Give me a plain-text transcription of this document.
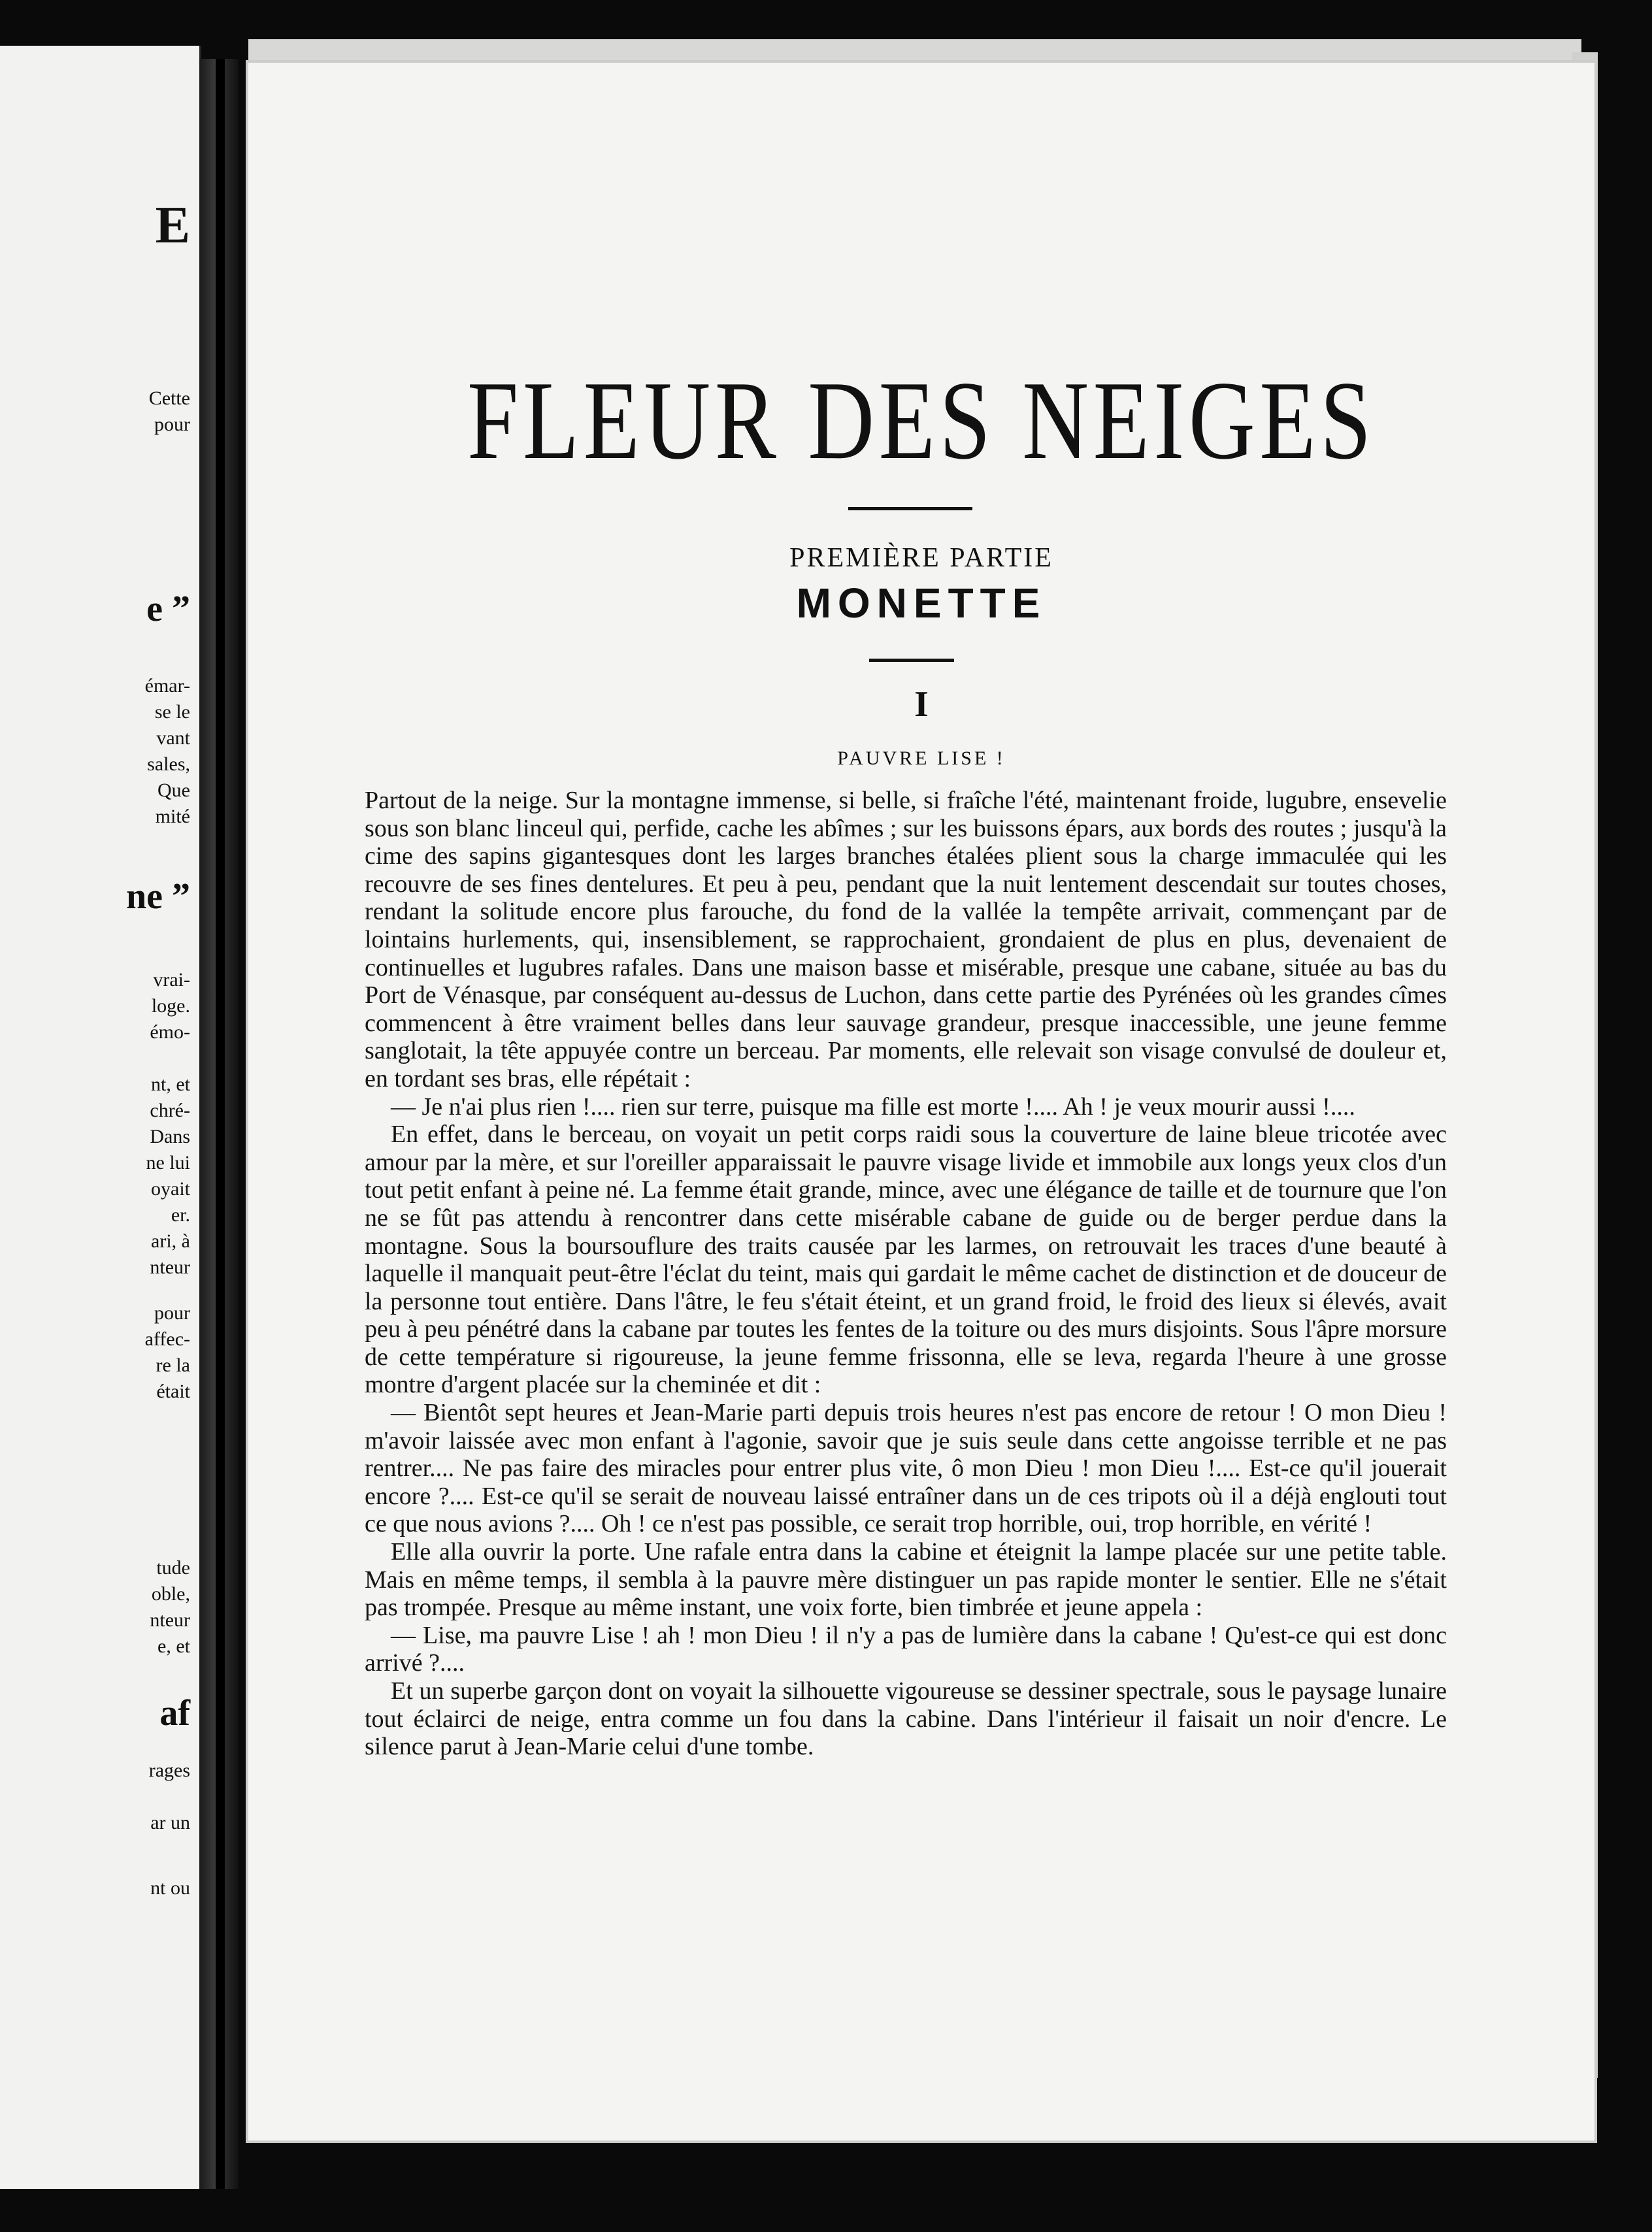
E
Cette
pour
e ”
émar-
se le
vant
sales,
Que
mité
ne ”
vrai-
loge.
émo-
nt, et
chré-
Dans
ne lui
oyait
er.
ari, à
nteur
pour
affec-
re la
était
tude
oble,
nteur
e, et
af
rages
ar un
nt ou
FLEUR DES NEIGES
PREMIÈRE PARTIE
MONETTE
I
PAUVRE LISE !

Partout de la neige. Sur la montagne immense, si belle, si fraîche l'été, maintenant froide, lugubre, ensevelie sous son blanc linceul qui, perfide, cache les abîmes ; sur les buissons épars, aux bords des routes ; jusqu'à la cime des sapins gigantesques dont les larges branches étalées plient sous la charge immaculée qui les recouvre de ses fines dentelures. Et peu à peu, pendant que la nuit lentement descendait sur toutes choses, rendant la solitude encore plus farouche, du fond de la vallée la tempête arrivait, commençant par de lointains hurlements, qui, insensiblement, se rapprochaient, grondaient de plus en plus, devenaient de continuelles et lugubres rafales. Dans une maison basse et misérable, presque une cabane, située au bas du Port de Vénasque, par conséquent au-dessus de Luchon, dans cette partie des Pyrénées où les grandes cîmes commencent à être vraiment belles dans leur sauvage grandeur, presque inaccessible, une jeune femme sanglotait, la tête appuyée contre un berceau. Par moments, elle relevait son visage convulsé de douleur et, en tordant ses bras, elle répétait :

— Je n'ai plus rien !.... rien sur terre, puisque ma fille est morte !.... Ah ! je veux mourir aussi !....

En effet, dans le berceau, on voyait un petit corps raidi sous la couverture de laine bleue tricotée avec amour par la mère, et sur l'oreiller apparaissait le pauvre visage livide et immobile aux longs yeux clos d'un tout petit enfant à peine né. La femme était grande, mince, avec une élégance de taille et de tournure que l'on ne se fût pas attendu à rencontrer dans cette misérable cabane de guide ou de berger perdue dans la montagne. Sous la boursouflure des traits causée par les larmes, on retrouvait les traces d'une beauté à laquelle il manquait peut-être l'éclat du teint, mais qui gardait le même cachet de distinction et de douceur de la personne tout entière. Dans l'âtre, le feu s'était éteint, et un grand froid, le froid des lieux si élevés, avait peu à peu pénétré dans la cabane par toutes les fentes de la toiture ou des murs disjoints. Sous l'âpre morsure de cette température si rigoureuse, la jeune femme frissonna, elle se leva, regarda l'heure à une grosse montre d'argent placée sur la cheminée et dit :

— Bientôt sept heures et Jean-Marie parti depuis trois heures n'est pas encore de retour ! O mon Dieu ! m'avoir laissée avec mon enfant à l'agonie, savoir que je suis seule dans cette angoisse terrible et ne pas rentrer.... Ne pas faire des miracles pour entrer plus vite, ô mon Dieu ! mon Dieu !.... Est-ce qu'il jouerait encore ?.... Est-ce qu'il se serait de nouveau laissé entraîner dans un de ces tripots où il a déjà englouti tout ce que nous avions ?.... Oh ! ce n'est pas possible, ce serait trop horrible, oui, trop horrible, en vérité !

Elle alla ouvrir la porte. Une rafale entra dans la cabine et éteignit la lampe placée sur une petite table. Mais en même temps, il sembla à la pauvre mère distinguer un pas rapide monter le sentier. Elle ne s'était pas trompée. Presque au même instant, une voix forte, bien timbrée et jeune appela :

— Lise, ma pauvre Lise ! ah ! mon Dieu ! il n'y a pas de lumière dans la cabane ! Qu'est-ce qui est donc arrivé ?....

Et un superbe garçon dont on voyait la silhouette vigoureuse se dessiner spectrale, sous le paysage lunaire tout éclairci de neige, entra comme un fou dans la cabine. Dans l'intérieur il faisait un noir d'encre. Le silence parut à Jean-Marie celui d'une tombe.
